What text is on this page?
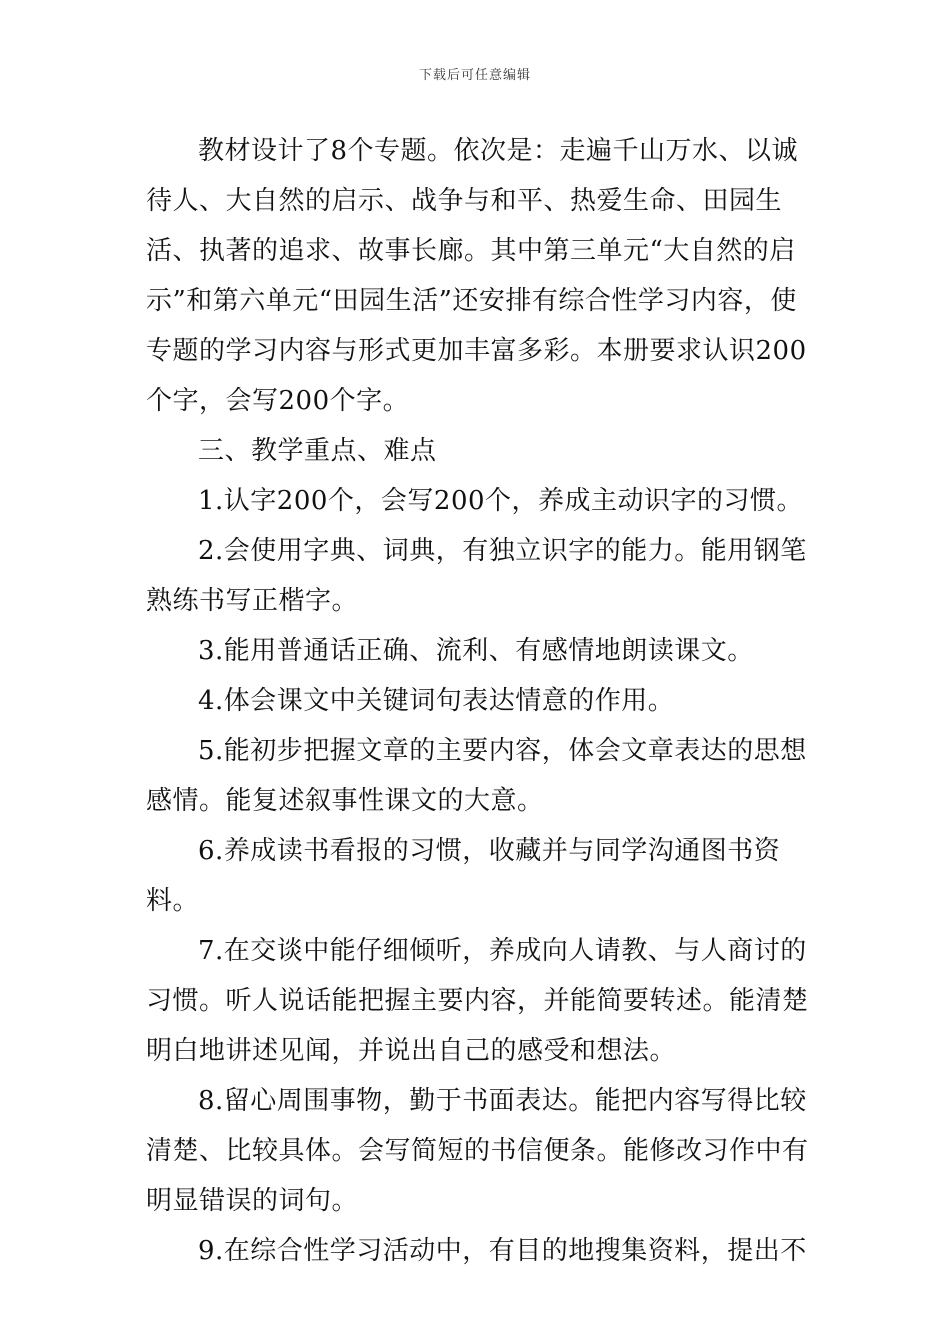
下载后可任意编辑

教材设计了8个专题。依次是：走遍千山万水、以诚待人、大自然的启示、战争与和平、热爱生命、田园生活、执著的追求、故事长廊。其中第三单元“大自然的启示”和第六单元“田园生活”还安排有综合性学习内容，使专题的学习内容与形式更加丰富多彩。本册要求认识200个字，会写200个字。

三、教学重点、难点

1.认字200个，会写200个，养成主动识字的习惯。

2.会使用字典、词典，有独立识字的能力。能用钢笔熟练书写正楷字。

3.能用普通话正确、流利、有感情地朗读课文。

4.体会课文中关键词句表达情意的作用。

5.能初步把握文章的主要内容，体会文章表达的思想感情。能复述叙事性课文的大意。

6.养成读书看报的习惯，收藏并与同学沟通图书资料。

7.在交谈中能仔细倾听，养成向人请教、与人商讨的习惯。听人说话能把握主要内容，并能简要转述。能清楚明白地讲述见闻，并说出自己的感受和想法。

8.留心周围事物，勤于书面表达。能把内容写得比较清楚、比较具体。会写简短的书信便条。能修改习作中有明显错误的词句。

9.在综合性学习活动中，有目的地搜集资料，提出不
